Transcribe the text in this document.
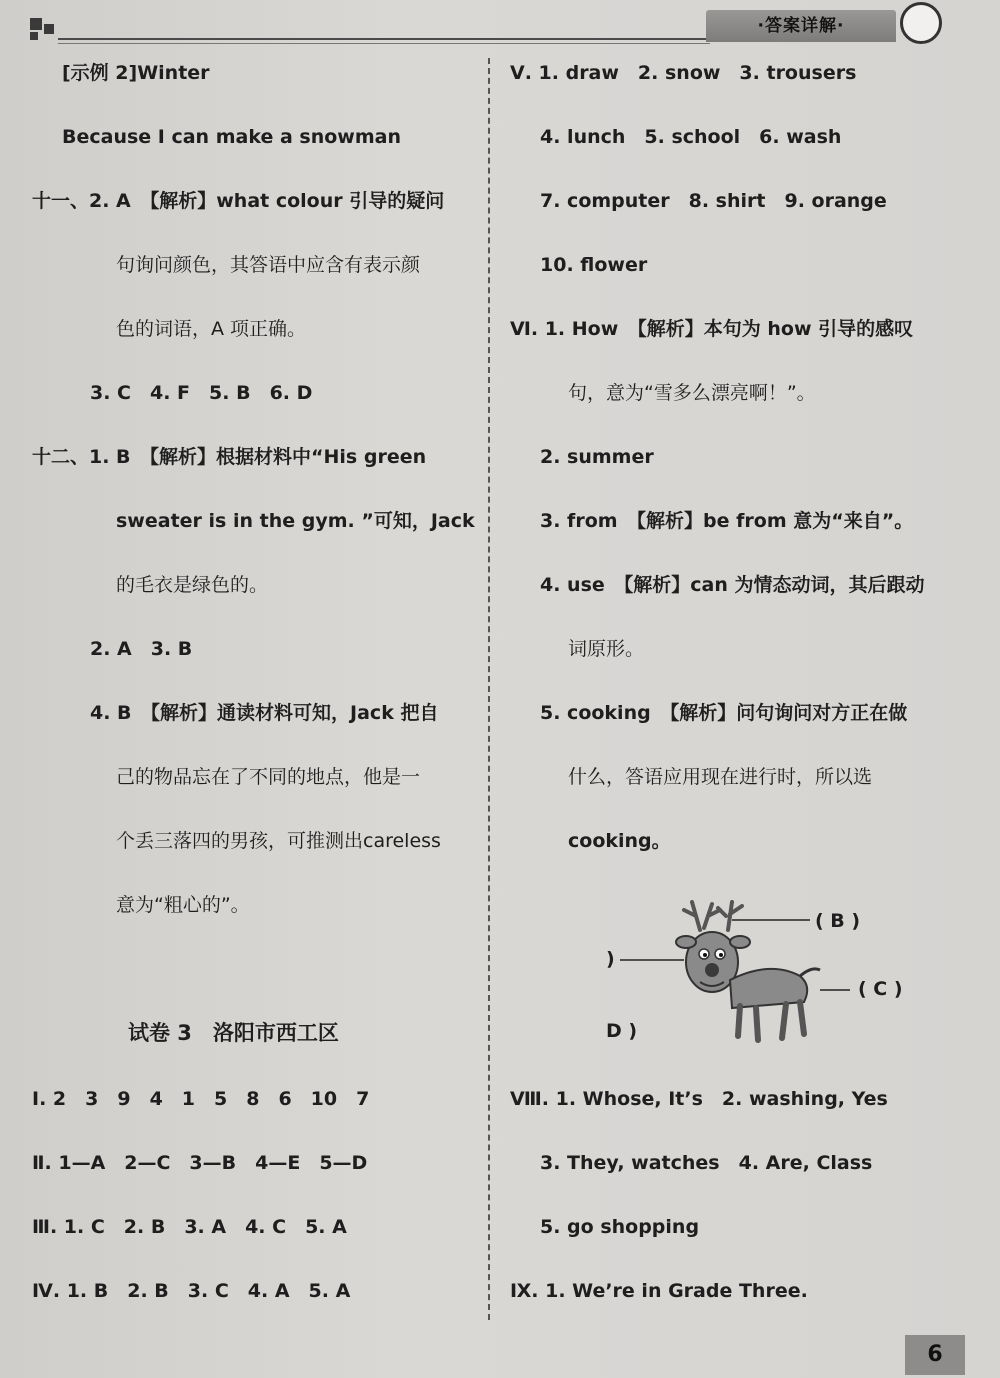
·答案详解·
[示例 2]Winter
Because I can make a snowman
十一、2. A　【解析】what colour 引导的疑问
句询问颜色，其答语中应含有表示颜
色的词语，A 项正确。
3. C　4. F　5. B　6. D
十二、1. B　【解析】根据材料中“His green
sweater is in the gym. ”可知，Jack
的毛衣是绿色的。
2. A　3. B
4. B　【解析】通读材料可知，Jack 把自
己的物品忘在了不同的地点，他是一
个丢三落四的男孩，可推测出careless
意为“粗心的”。
试卷 3　洛阳市西工区
Ⅰ. 2　3　9　4　1　5　8　6　10　7
Ⅱ. 1—A　2—C　3—B　4—E　5—D
Ⅲ. 1. C　2. B　3. A　4. C　5. A
Ⅳ. 1. B　2. B　3. C　4. A　5. A
Ⅴ. 1. draw　2. snow　3. trousers
4. lunch　5. school　6. wash
7. computer　8. shirt　9. orange
10. flower
Ⅵ. 1. How　【解析】本句为 how 引导的感叹
句，意为“雪多么漂亮啊！”。
2. summer
3. from　【解析】be from 意为“来自”。
4. use　【解析】can 为情态动词，其后跟动
词原形。
5. cooking　【解析】问句询问对方正在做
什么，答语应用现在进行时，所以选
cooking。
( B )
( C )
)
D )
Ⅷ. 1. Whose, It’s　2. washing, Yes
3. They, watches　4. Are, Class
5. go shopping
Ⅸ. 1. We’re in Grade Three.
6
